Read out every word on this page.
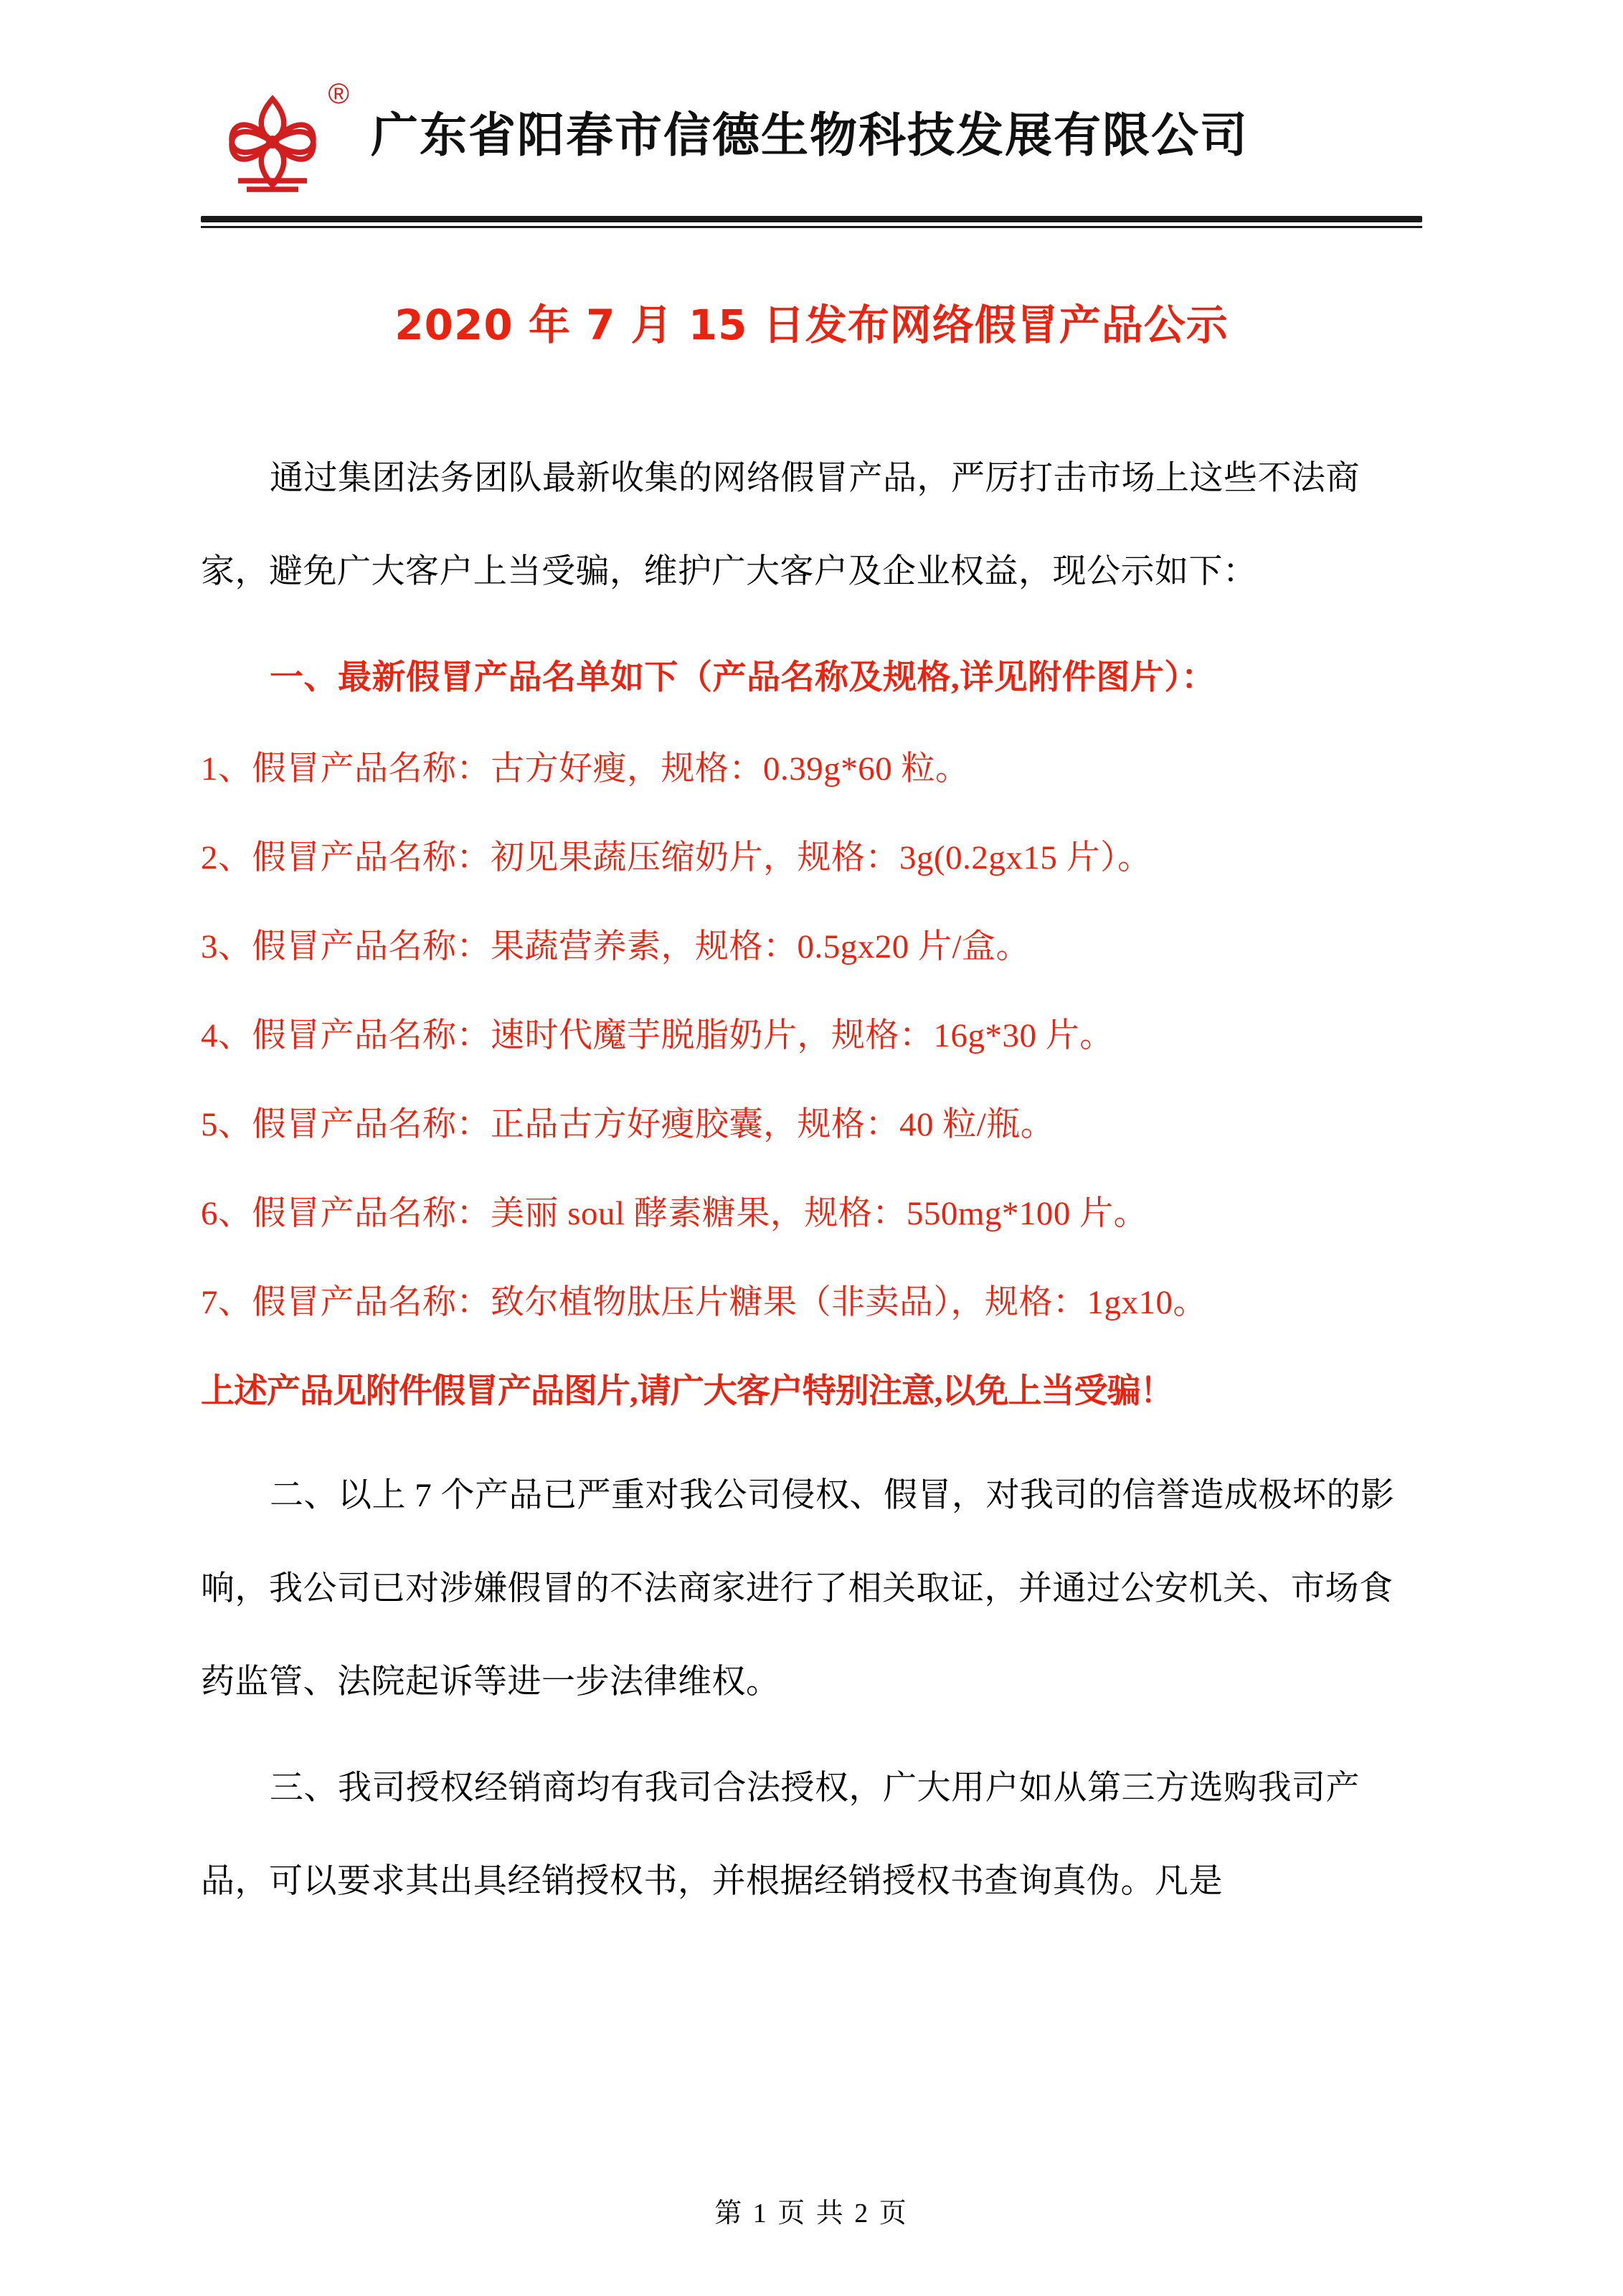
®
广东省阳春市信德生物科技发展有限公司
2020 年 7 月 15 日发布网络假冒产品公示

通过集团法务团队最新收集的网络假冒产品，严厉打击市场上这些不法商家，避免广大客户上当受骗，维护广大客户及企业权益，现公示如下：

一、最新假冒产品名单如下（产品名称及规格,详见附件图片）：

1、假冒产品名称：古方好瘦，规格：0.39g*60 粒。

2、假冒产品名称：初见果蔬压缩奶片，规格：3g(0.2gx15 片）。

3、假冒产品名称：果蔬营养素，规格：0.5gx20 片/盒。

4、假冒产品名称：速时代魔芋脱脂奶片，规格：16g*30 片。

5、假冒产品名称：正品古方好瘦胶囊，规格：40 粒/瓶。

6、假冒产品名称：美丽 soul 酵素糖果，规格：550mg*100 片。

7、假冒产品名称：致尔植物肽压片糖果（非卖品），规格：1gx10。

上述产品见附件假冒产品图片,请广大客户特别注意,以免上当受骗！

二、以上 7 个产品已严重对我公司侵权、假冒，对我司的信誉造成极坏的影响，我公司已对涉嫌假冒的不法商家进行了相关取证，并通过公安机关、市场食药监管、法院起诉等进一步法律维权。

三、我司授权经销商均有我司合法授权，广大用户如从第三方选购我司产品，可以要求其出具经销授权书，并根据经销授权书查询真伪。凡是

第 1 页 共 2 页
